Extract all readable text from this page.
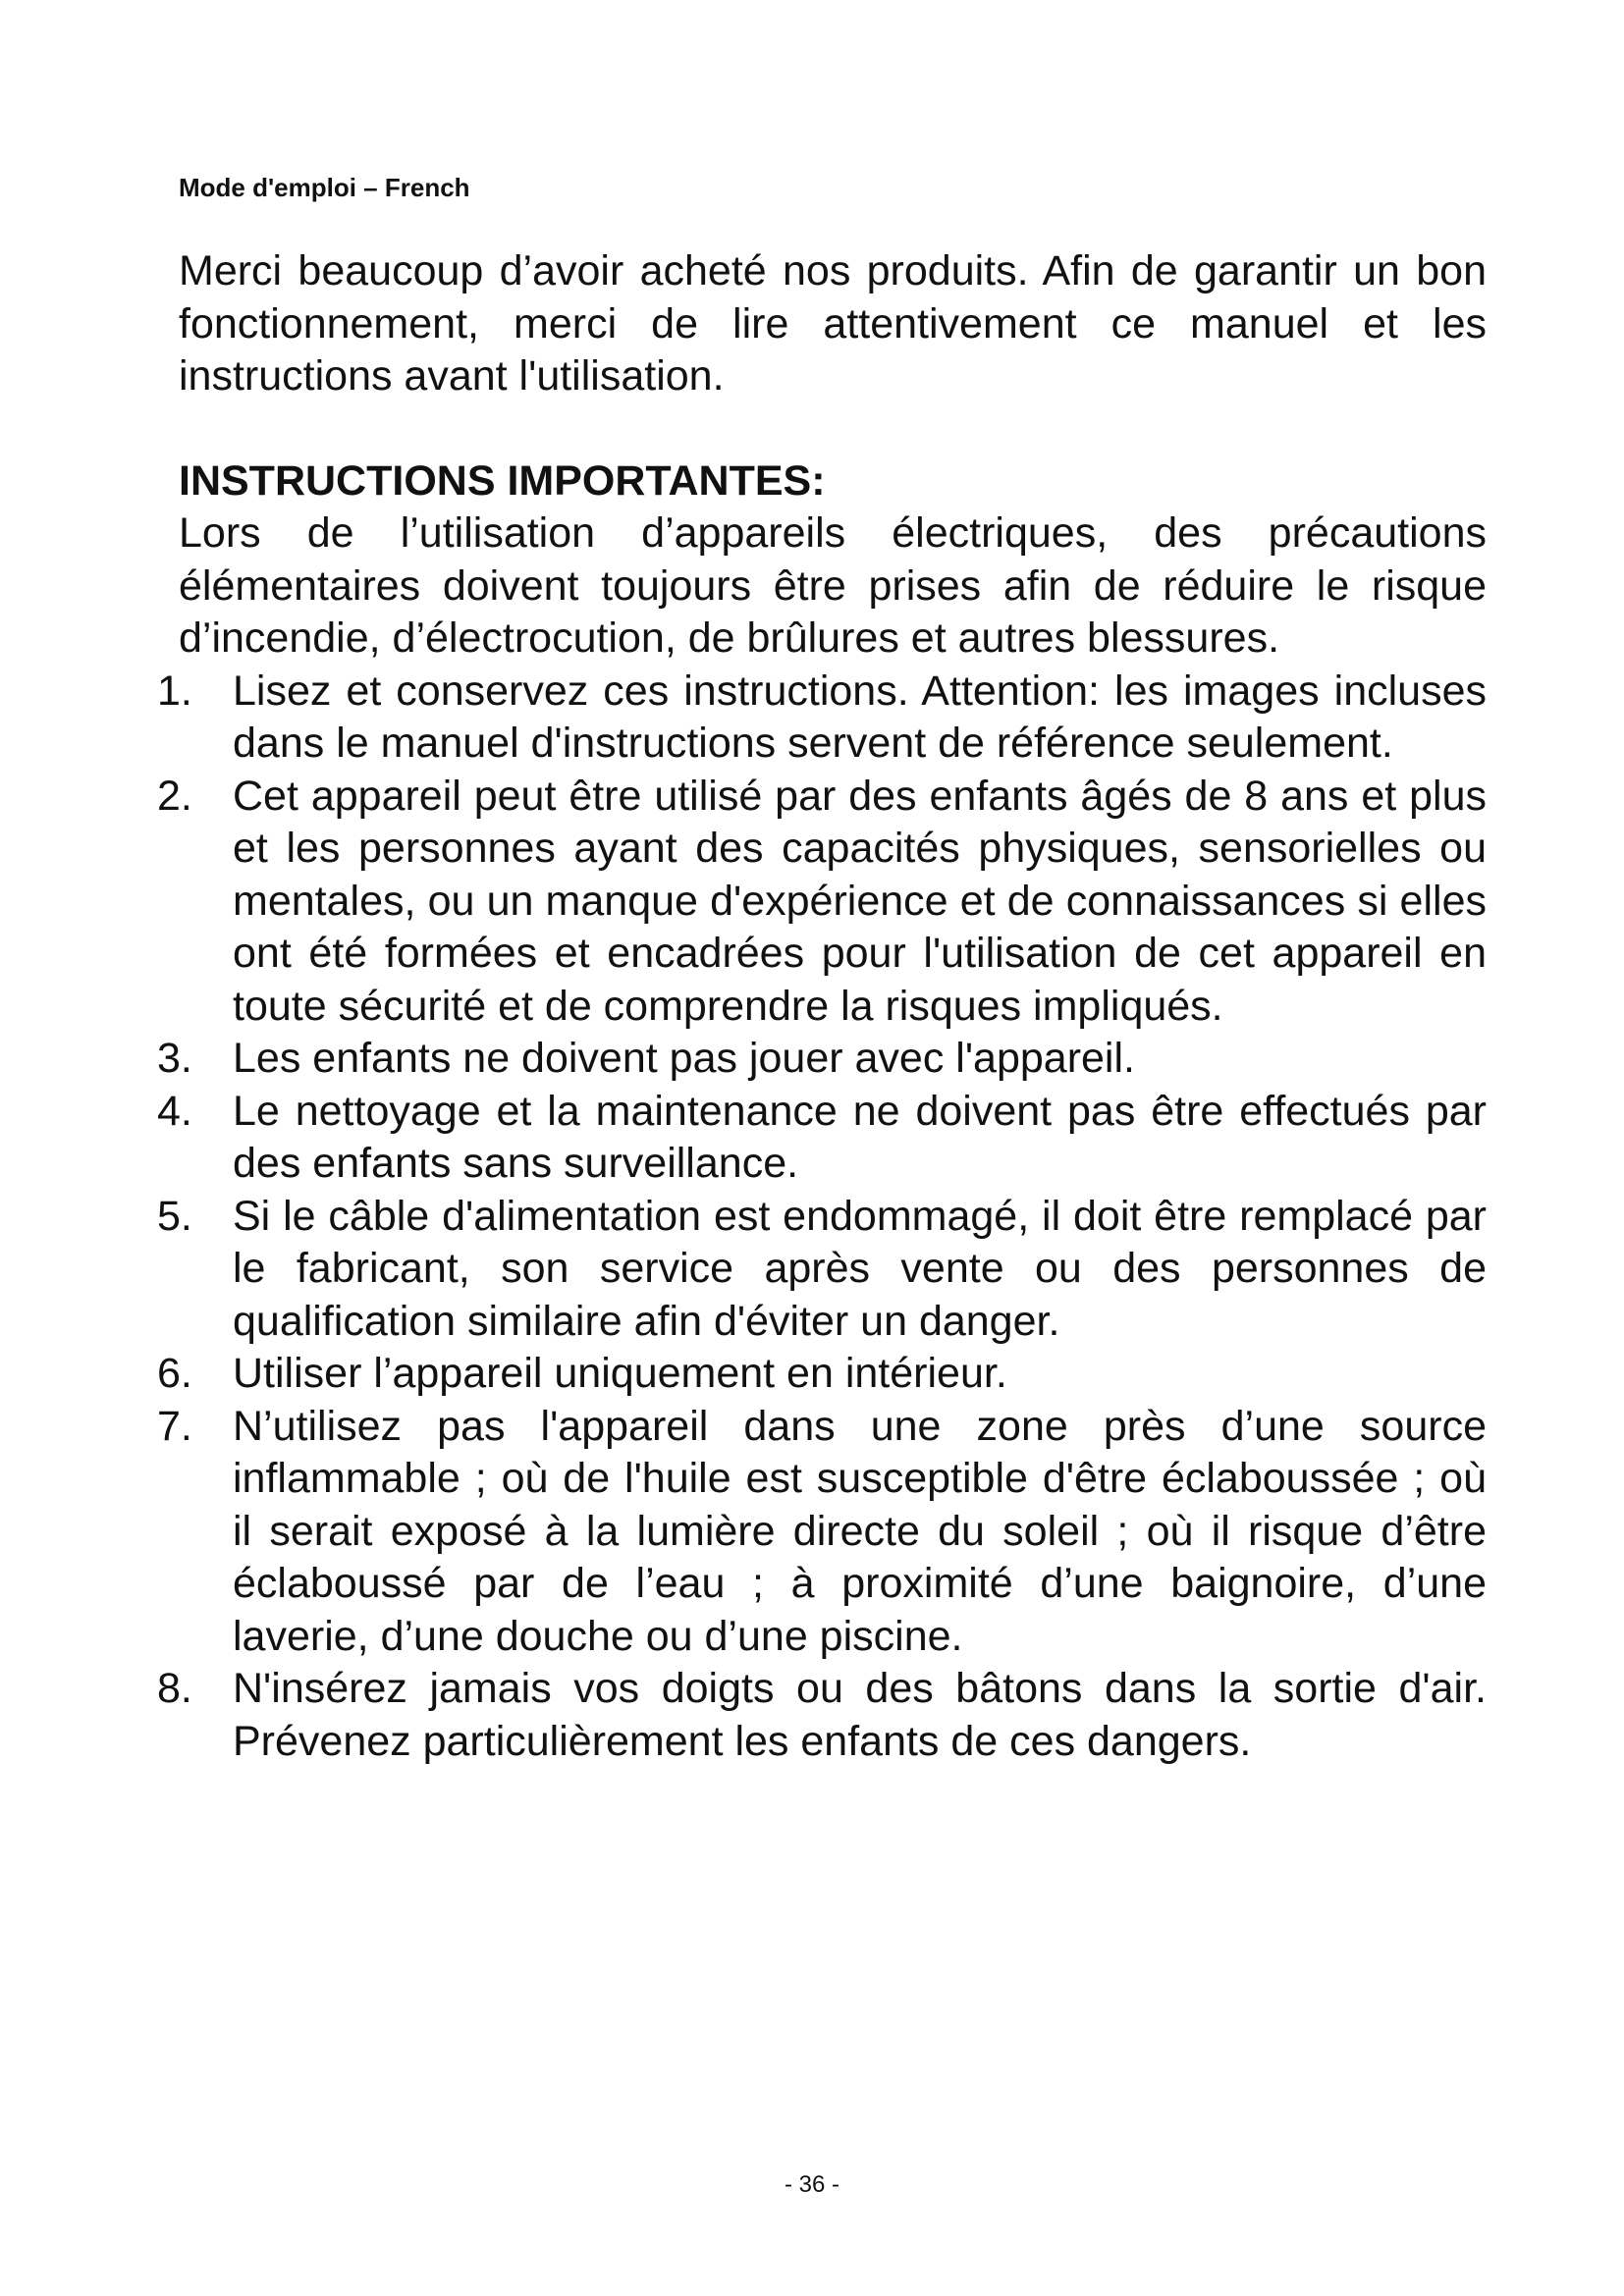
Mode d'emploi – French

Merci beaucoup d’avoir acheté nos produits. Afin de garantir un bon fonctionnement, merci de lire attentivement ce manuel et les instructions avant l'utilisation.

INSTRUCTIONS IMPORTANTES:

Lors de l’utilisation d’appareils électriques, des précautions élémentaires doivent toujours être prises afin de réduire le risque d’incendie, d’électrocution, de brûlures et autres blessures.

1. Lisez et conservez ces instructions. Attention: les images incluses dans le manuel d'instructions servent de référence seulement.
2. Cet appareil peut être utilisé par des enfants âgés de 8 ans et plus et les personnes ayant des capacités physiques, sensorielles ou mentales, ou un manque d'expérience et de connaissances si elles ont été formées et encadrées pour l'utilisation de cet appareil en toute sécurité et de comprendre la risques impliqués.
3. Les enfants ne doivent pas jouer avec l'appareil.
4. Le nettoyage et la maintenance ne doivent pas être effectués par des enfants sans surveillance.
5. Si le câble d'alimentation est endommagé, il doit être remplacé par le fabricant, son service après vente ou des personnes de qualification similaire afin d'éviter un danger.
6. Utiliser l’appareil uniquement en intérieur.
7. N’utilisez pas l'appareil dans une zone près d’une source inflammable ; où de l'huile est susceptible d'être éclaboussée ; où il serait exposé à la lumière directe du soleil ; où il risque d’être éclaboussé par de l’eau ; à proximité d’une baignoire, d’une laverie, d’une douche ou d’une piscine.
8. N'insérez jamais vos doigts ou des bâtons dans la sortie d'air. Prévenez particulièrement les enfants de ces dangers.
- 36 -
